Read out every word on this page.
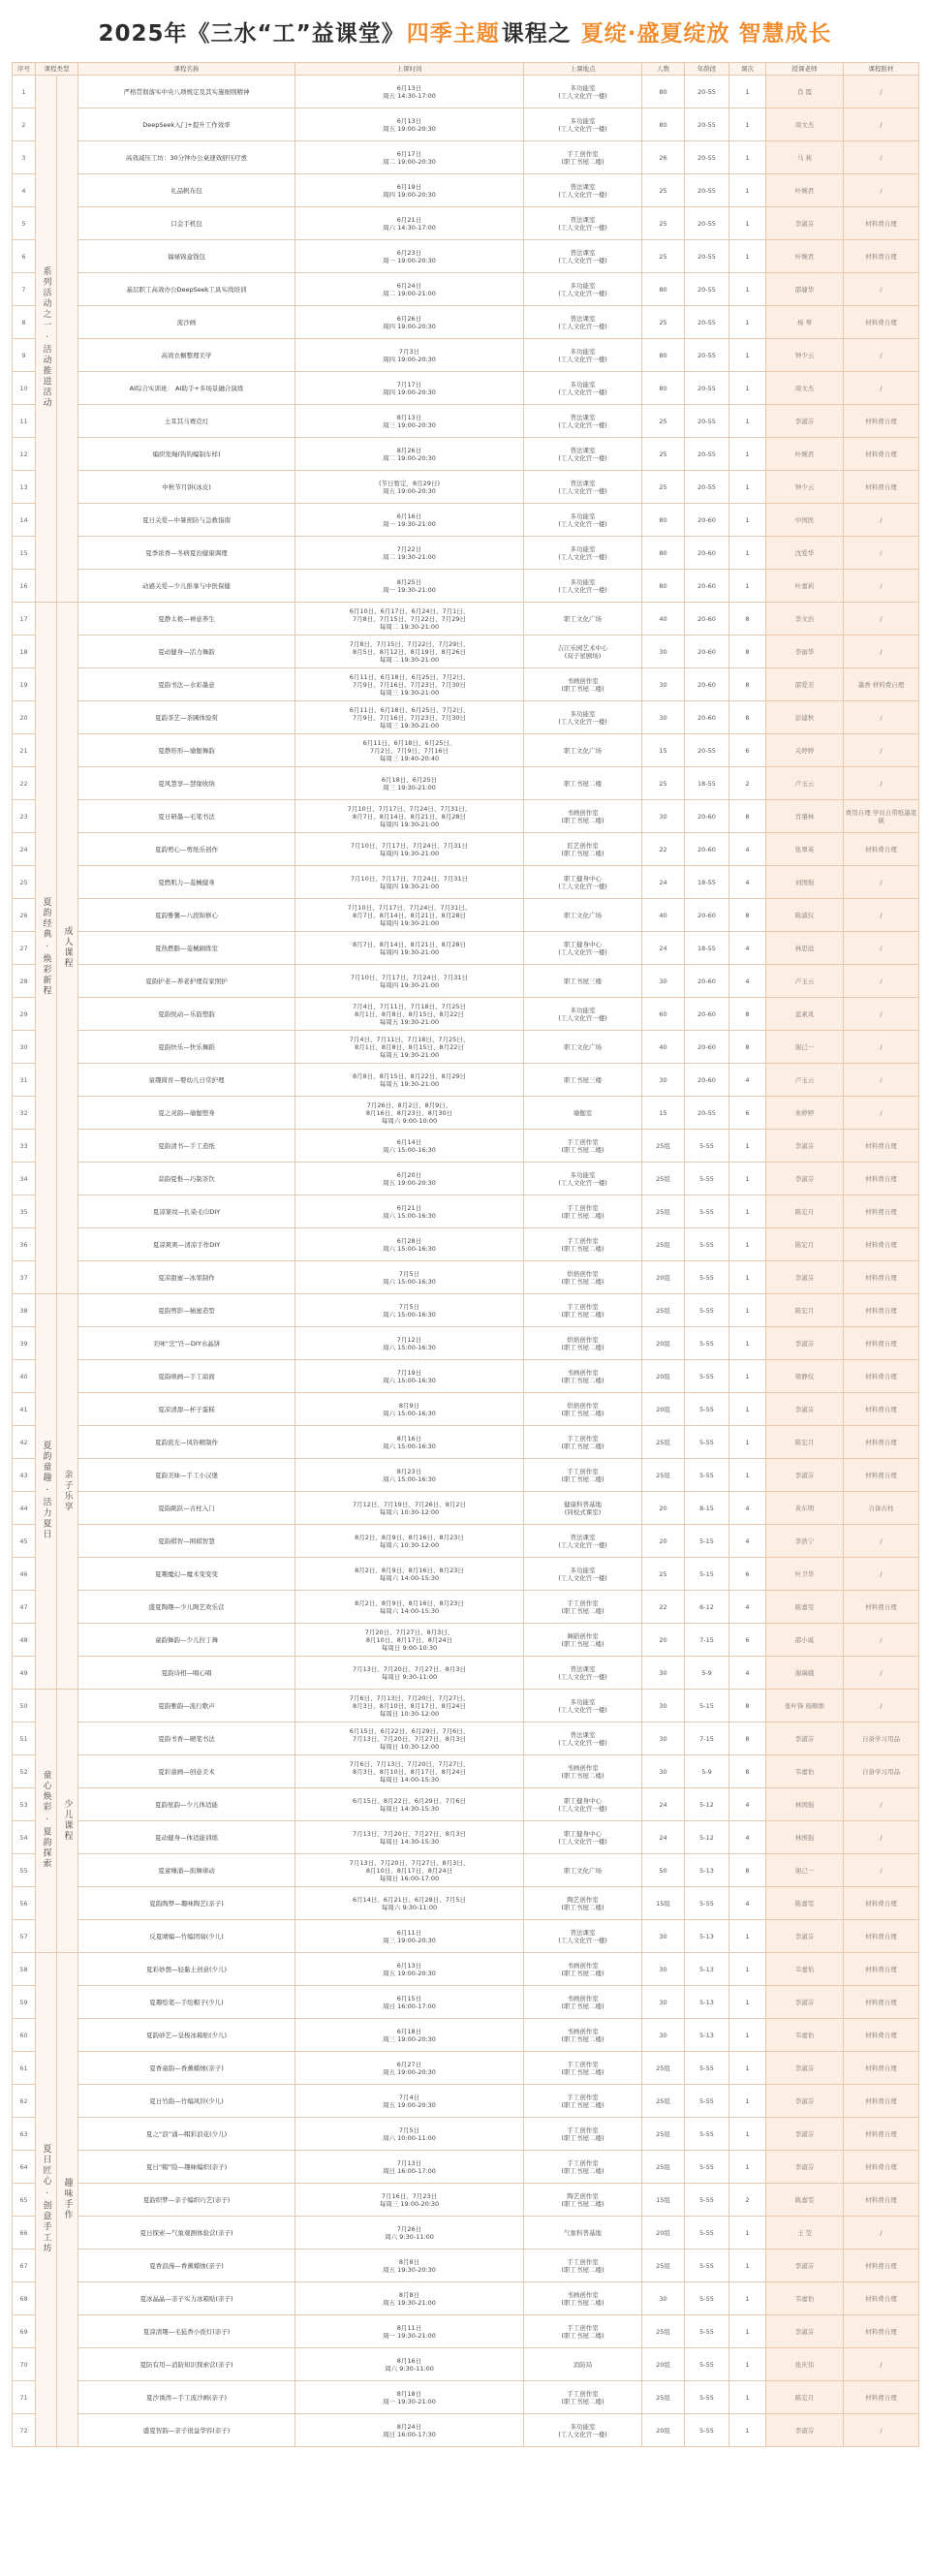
2025年《三水“工”益课堂》 四季主题 课程之 夏绽·盛夏绽放 智慧成长
序号	课程类型		课程名称	上课时间	上课地点	人数	年龄段	课次	授课老师	课程附材
1	系列活动之一 · 活动推进活动		严格贯彻落实中央八项规定及其实施细则精神	6月13日
周五 14:30-17:00	多功能室
(工人文化宫一楼)	80	20-55	1	肖 霞	/
2			DeepSeek入门+提升工作效率	6月13日
周五 19:00-20:30	多功能室
(工人文化宫一楼)	80	20-55	1	周文杰	/
3			高效减压工坊：30分钟办公桌速效舒压疗愈	6月17日
周二 19:00-20:30	手工创作室
(职工书屋二楼)	26	20-55	1	马 莉	/
4			礼品帆布包	6月19日
周四 19:00-20:30	普法课室
(工人文化宫一楼)	25	20-55	1	叶婉君	/
5			口金手机包	6月21日
周六 14:30-17:00	普法课室
(工人文化宫一楼)	25	20-55	1	李淑芬	材料费自理
6			福禄锦盒钱包	6月23日
周一 19:00-20:30	普法课室
(工人文化宫一楼)	25	20-55	1	叶婉君	材料费自理
7			基层职工高效办公DeepSeek工具实战培训	6月24日
周二 19:00-21:00	多功能室
(工人文化宫一楼)	80	20-55	1	邵婕华	/
8			流沙画	6月26日
周四 19:00-20:30	普法课室
(工人文化宫一楼)	25	20-55	1	杨 琴	材料费自理
9			高效衣橱整理美学	7月3日
周四 19:00-20:30	多功能室
(工人文化宫一楼)	80	20-55	1	钟少云	/
10			AI综合实训班： AI助手+多场景融合演练	7月17日
周四 19:00-20:30	多功能室
(工人文化宫一楼)	80	20-55	1	周文杰	/
11			土耳其马赛克灯	8月13日
周三 19:00-20:30	普法课室
(工人文化宫一楼)	25	20-55	1	李淑芬	材料费自理
12			编织发绳(钩钩编制车样)	8月26日
周二 19:00-20:30	普法课室
(工人文化宫一楼)	25	20-55	1	叶婉君	材料费自理
13			中秋节月饼(冰皮)	(节日暂定，8月29日)
周五 19:00-20:30	普法课室
(工人文化宫一楼)	25	20-55	1	钟少云	材料费自理
14			夏日关爱—中暑预防与急救指南	6月16日
周一 19:30-21:00	多功能室
(工人文化宫一楼)	80	20-60	1	中国医	/
15			夏季浓香—冬病夏治健康调理	7月22日
周二 19:30-21:00	多功能室
(工人文化宫一楼)	80	20-60	1	沈爱华	/
16			动感关爱—少儿推拿与中医保健	8月25日
周一 19:30-21:00	多功能室
(工人文化宫一楼)	80	20-60	1	叶嘉莉	/
17	夏韵经典 · 焕彩新程	成人课程	夏静太极—禅意养生	6月10日、6月17日、6月24日、7月1日、
7月8日、7月15日、7月22日、7月29日
每周二 19:30-21:00	职工文化广场	40	20-60	8	李文治	/
18			夏动健身—活力舞韵	7月8日、7月15日、7月22日、7月29日、
8月5日、8月12日、8月19日、8月26日
每周二 19:30-21:00	吉江乐园艺术中心
(双子星剧场)	30	20-60	8	李丽华	/
19			夏韵书法—水彩墨意	6月11日、6月18日、6月25日、7月2日、
7月9日、7月16日、7月23日、7月30日
每周三 19:30-21:00	书画创作室
(职工书屋二楼)	30	20-60	8	邵爱美	墨香 材料费自理
20			夏韵茶艺—茶圃体验赏	6月11日、6月18日、6月25日、7月2日、
7月9日、7月16日、7月23日、7月30日
每周三 19:30-21:00	多功能室
(工人文化宫一楼)	30	20-60	8	彭建秋	/
21			夏静形形—瑜伽舞韵	6月11日、6月18日、6月25日、
7月2日、7月9日、7月16日
每周三 19:40-20:40	职工文化广场	15	20-55	6	关婷婷	/
22			夏风慧享—慧缘收纳	6月18日、6月25日
周三 19:30-21:00	职工书屋二楼	25	18-55	2	卢玉云	/
23			夏日研墨—毛笔书法	7月10日、7月17日、7月24日、7月31日、
8月7日、8月14日、8月21日、8月28日
每周四 19:30-21:00	书画创作室
(职工书屋二楼)	30	20-60	8	肖肇林	费用自理 学员自带纸墨笔砚
24			夏韵剪心—剪纸乐创作	7月10日、7月17日、7月24日、7月31日
每周四 19:30-21:00	匠艺创作室
(职工书屋二楼)	22	20-60	4	张翠英	材料费自理
25			夏燃肌力—菱械健身	7月10日、7月17日、7月24日、7月31日
每周四 19:30-21:00	职工健身中心
(工人文化宫一楼)	24	18-55	4	刘国强	/
26			夏韵雅馨—八段锦修心	7月10日、7月17日、7月24日、7月31日、
8月7日、8月14日、8月21日、8月28日
每周四 19:30-21:00	职工文化广场	40	20-60	8	陈淑仪	/
27			夏热燃脂—菱械刷练室	8月7日、8月14日、8月21日、8月28日
每周四 19:30-21:00	职工健身中心
(工人文化宫一楼)	24	18-55	4	林思远	/
28			夏韵护老—养老护理有家照护	7月10日、7月17日、7月24日、7月31日
每周四 19:30-21:00	职工书屋三楼	30	20-60	4	卢玉云	/
29			夏韵悦动—乐筋塑韵	7月4日、7月11日、7月18日、7月25日
8月1日、8月8日、8月15日、8月22日
每周五 19:30-21:00	多功能室
(工人文化宫一楼)	60	20-60	8	蓝素凤	/
30			夏韵快乐—快乐舞蹈	7月4日、7月11日、7月18日、7月25日、
8月1日、8月8日、8月15日、8月22日
每周五 19:30-21:00	职工文化广场	40	20-60	8	谢己一	/
31			童趣简育—婴幼儿日常护理	8月8日、8月15日、8月22日、8月29日
每周五 19:30-21:00	职工书屋三楼	30	20-60	4	卢玉云	/
32			夏之灵韵—瑜伽塑身	7月26日、8月2日、8月9日、
8月16日、8月23日、8月30日
每周六 9:00-10:00	瑜伽室	15	20-55	6	朱婷婷	/
33			夏韵清书—手工造纸	6月14日
周六 15:00-16:30	手工创作室
(职工书屋二楼)	25组	5-55	1	李淑芬	材料费自理
34			蒜韵夏惟—巧制茶饮	6月20日
周五 19:00-20:30	多功能室
(工人文化宫一楼)	25组	5-55	1	李淑芬	材料费自理
35			夏凉篆纹—扎染毛巾DIY	6月21日
周六 15:00-16:30	手工创作室
(职工书屋二楼)	25组	5-55	1	陈宏月	材料费自理
36			夏凉爽爽—清凉手作DIY	6月28日
周六 15:00-16:30	手工创作室
(职工书屋二楼)	25组	5-55	1	陈宏月	材料费自理
37			夏凉甜蜜—冰果制作	7月5日
周六 15:00-16:30	烘焙创作室
(职工书屋二楼)	20组	5-55	1	李淑芬	材料费自理
38	夏韵童趣 · 活力夏日	亲子乐享	夏韵剪影—插蜜造型	7月5日
周六 15:00-16:30	手工创作室
(职工书屋二楼)	25组	5-55	1	陈宏月	材料费自理
39			美味“烹”饪—DIY水晶饼	7月12日
周六 15:00-16:30	烘焙创作室
(职工书屋二楼)	20组	5-55	1	李淑芬	材料费自理
40			夏韵映画—手工扇面	7月19日
周六 15:00-16:30	书画创作室
(职工书屋二楼)	20组	5-55	1	梁静仪	材料费自理
41			夏凉清甜—杯子蛋糕	8月9日
周六 15:00-16:30	烘焙创作室
(职工书屋二楼)	20组	5-55	1	李淑芬	材料费自理
42			夏韵流光—风铃精制作	8月16日
周六 15:00-16:30	手工创作室
(职工书屋二楼)	25组	5-55	1	陈宏月	材料费自理
43			夏韵美妹—手工小汉堡	8月23日
周六 15:00-16:30	手工创作室
(职工书屋二楼)	25组	5-55	1	李淑芬	材料费自理
44			夏韵跳跃—古柱入门	7月12日、7月19日、7月26日、8月2日
每周六 10:30-12:00	健康科普基地
(同校式课室)	20	8-15	4	黄东明	自备古柱
45			夏韵棋智—围棋智慧	8月2日、8月9日、8月16日、8月23日
每周六 10:30-12:00	普法课室
(工人文化宫一楼)	20	5-15	4	李浩宁	/
46			夏趣魔幻—魔术变变变	8月2日、8月9日、8月16日、8月23日
每周六 14:00-15:30	多功能室
(工人文化宫一楼)	25	5-15	6	叶卫华	/
47			盛夏陶趣—少儿陶艺欢乐营	8月2日、8月9日、8月16日、8月23日
每周六 14:00-15:30	手工创作室
(职工书屋二楼)	22	6-12	4	陈嘉雯	材料费自理
48			童韵舞韵—少儿拉丁舞	7月20日、7月27日、8月3日、
8月10日、8月17日、8月24日
每周日 9:00-10:30	舞蹈创作室
(职工书屋二楼)	20	7-15	6	邵小诞	/
49			夏韵诗相—唱心唱	7月13日、7月20日、7月27日、8月3日
每周日 9:30-11:00	普法课室
(工人文化宫一楼)	30	5-9	4	谢瑞娥	/
50	童心焕彩 · 夏韵探索	少儿课程	夏韵雅韵—流行歌声	7月6日、7月13日、7月20日、7月27日、
8月3日、8月10日、8月17日、8月24日
每周日 10:30-12:00	多功能室
(工人文化宫一楼)	30	5-15	8	张叶锋 杨顺维	/
51			夏韵书香—硬笔书法	6月15日、6月22日、6月29日、7月6日、
7月13日、7月20日、7月27日、8月3日
每周日 10:30-12:00	普法课室
(工人文化宫一楼)	30	7-15	8	李淑芬	自备学习用品
52			夏彩童画—创意美术	7月6日、7月13日、7月20日、7月27日、
8月3日、8月10日、8月17日、8月24日
每周日 14:00-15:30	书画创作室
(职工书屋二楼)	30	5-9	8	韦嘉怡	自备学习用品
53			夏韵星韵—少儿体适能	6月15日、8月22日、6月29日、7月6日
每周日 14:30-15:30	职工健身中心
(工人文化宫一楼)	24	5-12	4	林国强	/
54			夏动健身—体适能训练	7月13日、7月20日、7月27日、8月3日
每周日 14:30-15:30	职工健身中心
(工人文化宫一楼)	24	5-12	4	林国强	/
55			夏童臻涌—街舞律动	7月13日、7月20日、7月27日、8月3日、
8月10日、8月17日、8月24日
每周日 16:00-17:00	职工文化广场	50	5-13	8	谢己一	/
56			夏韵陶梦—趣味陶艺(亲子)	6月14日、6月21日、6月28日、7月5日
每周六 9:30-11:00	陶艺创作室
(职工书屋二楼)	15组	5-55	4	陈嘉雯	材料费自理
57			反夏晴编—竹编团扇(少儿)	6月11日
周三 19:00-20:30	普法课室
(工人文化宫一楼)	30	5-13	1	李淑芬	材料费自理
58	夏日匠心 · 创意手工坊	趣味手作	夏彩妙想—轻黏土创意(少儿)	6月13日
周五 19:00-20:30	书画创作室
(职工书屋二楼)	30	5-13	1	韦嘉怡	材料费自理
59			夏趣绘笔—手绘帽子(少儿)	6月15日
周日 16:00-17:00	书画创作室
(职工书屋二楼)	30	5-13	1	李淑芬	材料费自理
60			夏韵砂艺—皇梭冰箱贴(少儿)	6月18日
周三 19:00-20:30	书画创作室
(职工书屋二楼)	30	5-13	1	韦嘉怡	材料费自理
61			夏香童韵—香薰蜡烛(亲子)	6月27日
周五 19:00-20:30	手工创作室
(职工书屋二楼)	25组	5-55	1	李淑芬	材料费自理
62			夏日竹韵—竹编风铃(少儿)	7月4日
周五 19:00-20:30	手工创作室
(职工书屋二楼)	25组	5-55	1	李淑芬	材料费自理
63			夏之“浪”涌—帽彩浪花(少儿)	7月5日
周六 10:00-11:00	手工创作室
(职工书屋二楼)	25组	5-55	1	李淑芬	材料费自理
64			夏日“帽”险—趣味编织(亲子)	7月13日
周日 16:00-17:00	手工创作室
(职工书屋二楼)	25组	5-55	1	李淑芬	材料费自理
65			夏韵织梦—亲子编织巧艺(亲子)	7月16日、7月23日
每周三 19:00-20:30	陶艺创作室
(职工书屋二楼)	15组	5-55	2	陈嘉雯	材料费自理
66			夏日探索—气象观测体验营(亲子)	7月26日
周六 9:30-11:00	气象科普基地	20组	5-55	1	王 莹	/
67			夏香浪漫—香薰蜡烛(亲子)	8月8日
周五 19:30-20:30	手工创作室
(职工书屋二楼)	25组	5-55	1	李淑芬	材料费自理
68			夏冰晶晶—亲子实力冰箱贴(亲子)	8月8日
周五 19:30-21:00	书画创作室
(职工书屋二楼)	30	5-55	1	韦嘉怡	材料费自理
69			夏凉清趣—毛毡香小夜灯(亲子)	8月11日
周一 19:30-21:00	手工创作室
(职工书屋二楼)	25组	5-55	1	李淑芬	材料费自理
70			夏防有用—消防知识探索营(亲子)	8月16日
周六 9:30-11:00	消防局	20组	5-55	1	张庆伟	/
71			夏沙诱湾—手工流沙画(亲子)	8月18日
周一 19:30-21:00	手工创作室
(职工书屋二楼)	25组	5-55	1	陈宏月	材料费自理
72			盛夏智韵—亲子很益华容(亲子)	8月24日
周日 16:00-17:30	多功能室
(工人文化宫一楼)	20组	5-55	1	李淑芬	/
